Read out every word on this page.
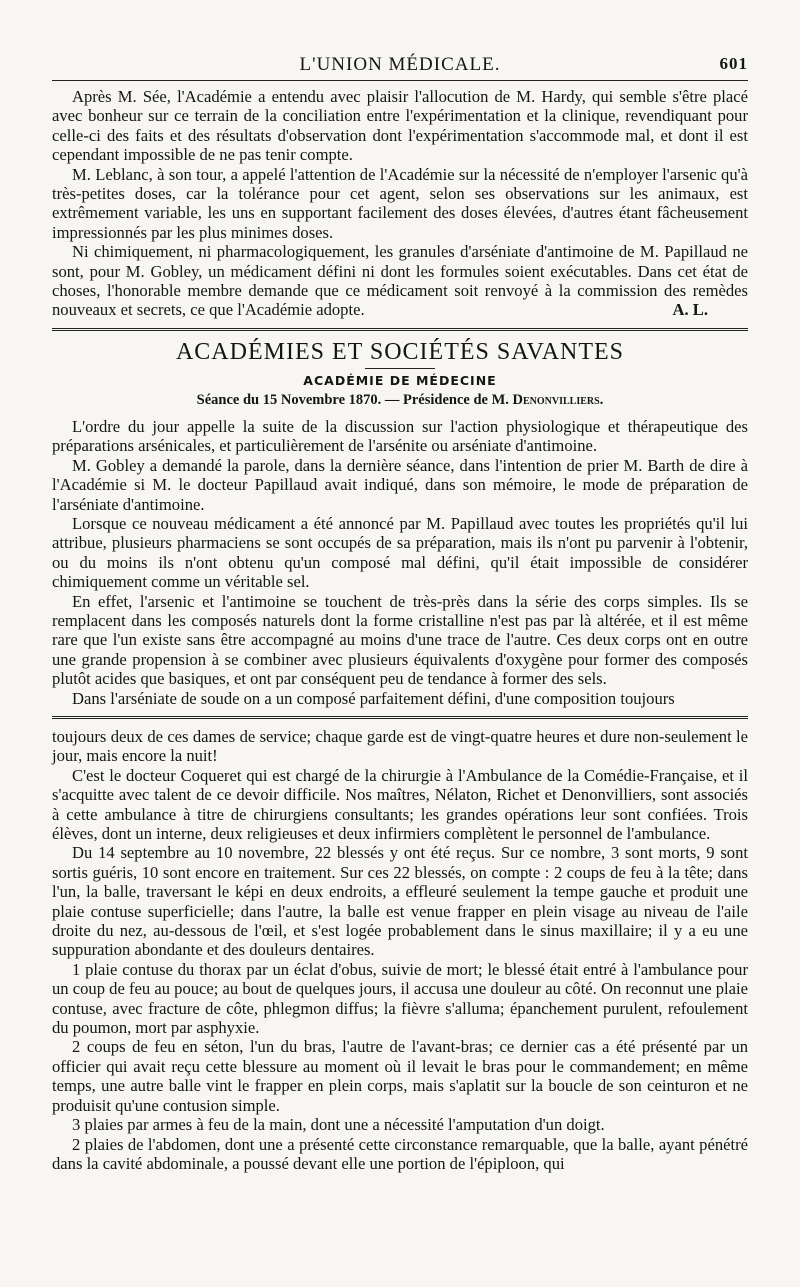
L'UNION MÉDICALE.	601

Après M. Sée, l'Académie a entendu avec plaisir l'allocution de M. Hardy, qui semble s'être placé avec bonheur sur ce terrain de la conciliation entre l'expérimentation et la clinique, revendiquant pour celle-ci des faits et des résultats d'observation dont l'expérimentation s'accommode mal, et dont il est cependant impossible de ne pas tenir compte.

M. Leblanc, à son tour, a appelé l'attention de l'Académie sur la nécessité de n'employer l'arsenic qu'à très-petites doses, car la tolérance pour cet agent, selon ses observations sur les animaux, est extrêmement variable, les uns en supportant facilement des doses élevées, d'autres étant fâcheusement impressionnés par les plus minimes doses.

Ni chimiquement, ni pharmacologiquement, les granules d'arséniate d'antimoine de M. Papillaud ne sont, pour M. Gobley, un médicament défini ni dont les formules soient exécutables. Dans cet état de choses, l'honorable membre demande que ce médicament soit renvoyé à la commission des remèdes nouveaux et secrets, ce que l'Académie adopte.	A. L.

ACADÉMIES ET SOCIÉTÉS SAVANTES
ACADÉMIE DE MÉDECINE
Séance du 15 Novembre 1870. — Présidence de M. Denonvilliers.

L'ordre du jour appelle la suite de la discussion sur l'action physiologique et thérapeutique des préparations arsénicales, et particulièrement de l'arsénite ou arséniate d'antimoine.

M. Gobley a demandé la parole, dans la dernière séance, dans l'intention de prier M. Barth de dire à l'Académie si M. le docteur Papillaud avait indiqué, dans son mémoire, le mode de préparation de l'arséniate d'antimoine.

Lorsque ce nouveau médicament a été annoncé par M. Papillaud avec toutes les propriétés qu'il lui attribue, plusieurs pharmaciens se sont occupés de sa préparation, mais ils n'ont pu parvenir à l'obtenir, ou du moins ils n'ont obtenu qu'un composé mal défini, qu'il était impossible de considérer chimiquement comme un véritable sel.

En effet, l'arsenic et l'antimoine se touchent de très-près dans la série des corps simples. Ils se remplacent dans les composés naturels dont la forme cristalline n'est pas par là altérée, et il est même rare que l'un existe sans être accompagné au moins d'une trace de l'autre. Ces deux corps ont en outre une grande propension à se combiner avec plusieurs équivalents d'oxygène pour former des composés plutôt acides que basiques, et ont par conséquent peu de tendance à former des sels.

Dans l'arséniate de soude on a un composé parfaitement défini, d'une composition toujours

toujours deux de ces dames de service; chaque garde est de vingt-quatre heures et dure non-seulement le jour, mais encore la nuit!

C'est le docteur Coqueret qui est chargé de la chirurgie à l'Ambulance de la Comédie-Française, et il s'acquitte avec talent de ce devoir difficile. Nos maîtres, Nélaton, Richet et Denonvilliers, sont associés à cette ambulance à titre de chirurgiens consultants; les grandes opérations leur sont confiées. Trois élèves, dont un interne, deux religieuses et deux infirmiers complètent le personnel de l'ambulance.

Du 14 septembre au 10 novembre, 22 blessés y ont été reçus. Sur ce nombre, 3 sont morts, 9 sont sortis guéris, 10 sont encore en traitement. Sur ces 22 blessés, on compte : 2 coups de feu à la tête; dans l'un, la balle, traversant le képi en deux endroits, a effleuré seulement la tempe gauche et produit une plaie contuse superficielle; dans l'autre, la balle est venue frapper en plein visage au niveau de l'aile droite du nez, au-dessous de l'œil, et s'est logée probablement dans le sinus maxillaire; il y a eu une suppuration abondante et des douleurs dentaires.

1 plaie contuse du thorax par un éclat d'obus, suivie de mort; le blessé était entré à l'ambulance pour un coup de feu au pouce; au bout de quelques jours, il accusa une douleur au côté. On reconnut une plaie contuse, avec fracture de côte, phlegmon diffus; la fièvre s'alluma; épanchement purulent, refoulement du poumon, mort par asphyxie.

2 coups de feu en séton, l'un du bras, l'autre de l'avant-bras; ce dernier cas a été présenté par un officier qui avait reçu cette blessure au moment où il levait le bras pour le commandement; en même temps, une autre balle vint le frapper en plein corps, mais s'aplatit sur la boucle de son ceinturon et ne produisit qu'une contusion simple.

3 plaies par armes à feu de la main, dont une a nécessité l'amputation d'un doigt.

2 plaies de l'abdomen, dont une a présenté cette circonstance remarquable, que la balle, ayant pénétré dans la cavité abdominale, a poussé devant elle une portion de l'épiploon, qui
